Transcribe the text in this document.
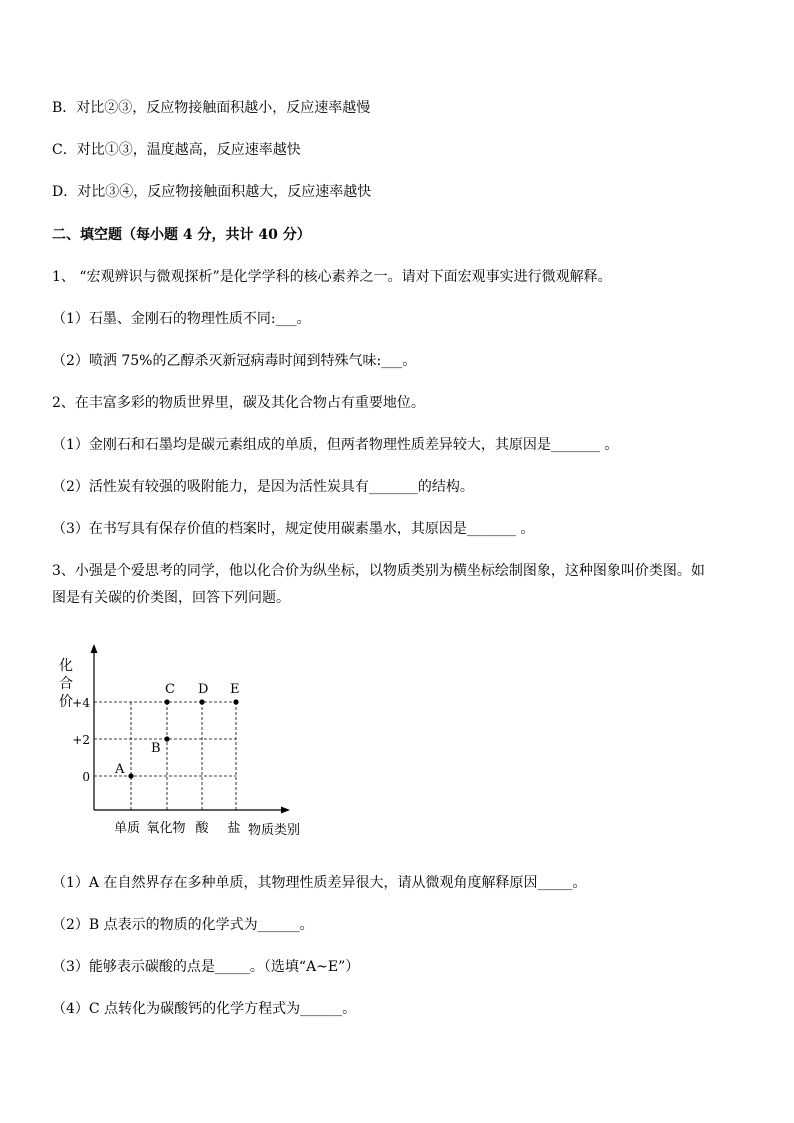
B．对比②③，反应物接触面积越小，反应速率越慢
C．对比①③，温度越高，反应速率越快
D．对比③④，反应物接触面积越大，反应速率越快
二、填空题（每小题 4 分，共计 40 分）
1、 “宏观辨识与微观探析”是化学学科的核心素养之一。请对下面宏观事实进行微观解释。
（1）石墨、金刚石的物理性质不同:___。
（2）喷洒 75%的乙醇杀灭新冠病毒时闻到特殊气味:___。
2、在丰富多彩的物质世界里，碳及其化合物占有重要地位。
（1）金刚石和石墨均是碳元素组成的单质，但两者物理性质差异较大，其原因是_______ 。
（2）活性炭有较强的吸附能力，是因为活性炭具有_______的结构。
（3）在书写具有保存价值的档案时，规定使用碳素墨水，其原因是_______ 。
3、小强是个爱思考的同学，他以化合价为纵坐标，以物质类别为横坐标绘制图象，这种图象叫价类图。如
图是有关碳的价类图，回答下列问题。
0
+2
+4
单质 氧化物 酸 盐 物质类别
化
合
价
A
B
C D E
（1）A 在自然界存在多种单质，其物理性质差异很大，请从微观角度解释原因_____。
（2）B 点表示的物质的化学式为______。
（3）能够表示碳酸的点是_____。（选填“A~E”）
（4）C 点转化为碳酸钙的化学方程式为______。
